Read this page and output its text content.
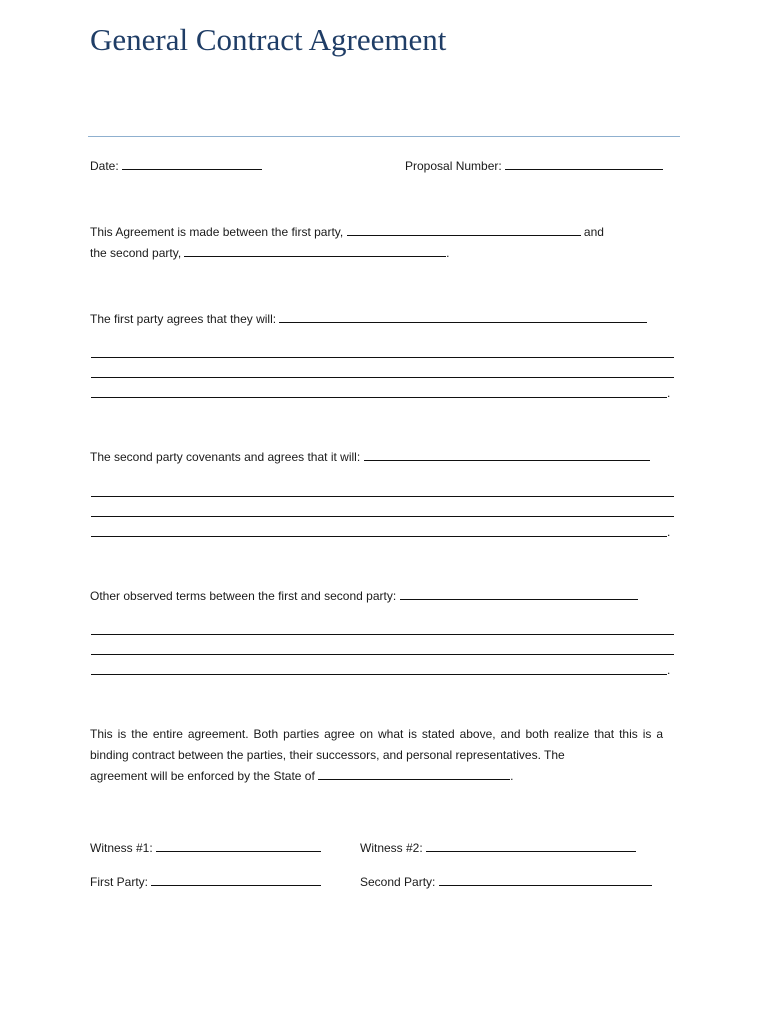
General Contract Agreement
Date:	Proposal Number:
This Agreement is made between the first party,	and
the second party,	.
The first party agrees that they will:
.
The second party covenants and agrees that it will:
.
Other observed terms between the first and second party:
.
This is the entire agreement. Both parties agree on what is stated above, and both realize that this is a binding contract between the parties, their successors, and personal representatives. The
agreement will be enforced by the State of	.
Witness #1:	Witness #2:
First Party:	Second Party:
